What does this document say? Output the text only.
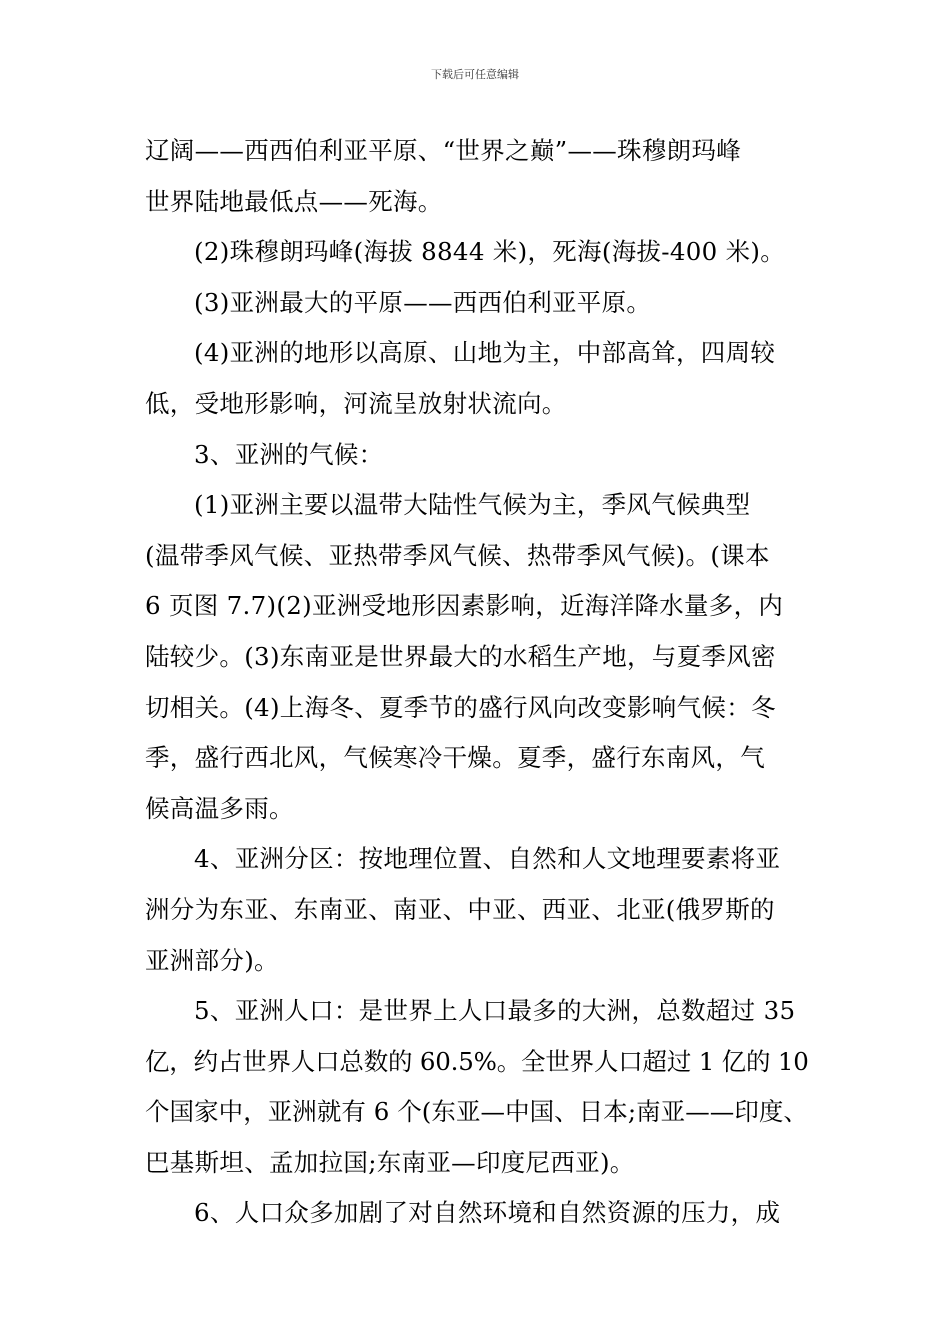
下载后可任意编辑

辽阔——西西伯利亚平原、“世界之巅”——珠穆朗玛峰

世界陆地最低点——死海。

(2)珠穆朗玛峰(海拔 8844 米)，死海(海拔-400 米)。

(3)亚洲最大的平原——西西伯利亚平原。

(4)亚洲的地形以高原、山地为主，中部高耸，四周较

低，受地形影响，河流呈放射状流向。

3、亚洲的气候：

(1)亚洲主要以温带大陆性气候为主，季风气候典型

(温带季风气候、亚热带季风气候、热带季风气候)。(课本

6 页图 7.7)(2)亚洲受地形因素影响，近海洋降水量多，内

陆较少。(3)东南亚是世界最大的水稻生产地，与夏季风密

切相关。(4)上海冬、夏季节的盛行风向改变影响气候：冬

季，盛行西北风，气候寒冷干燥。夏季，盛行东南风，气

候高温多雨。

4、亚洲分区：按地理位置、自然和人文地理要素将亚

洲分为东亚、东南亚、南亚、中亚、西亚、北亚(俄罗斯的

亚洲部分)。

5、亚洲人口：是世界上人口最多的大洲，总数超过 35

亿，约占世界人口总数的 60.5%。全世界人口超过 1 亿的 10

个国家中，亚洲就有 6 个(东亚—中国、日本;南亚——印度、

巴基斯坦、孟加拉国;东南亚—印度尼西亚)。

6、人口众多加剧了对自然环境和自然资源的压力，成
